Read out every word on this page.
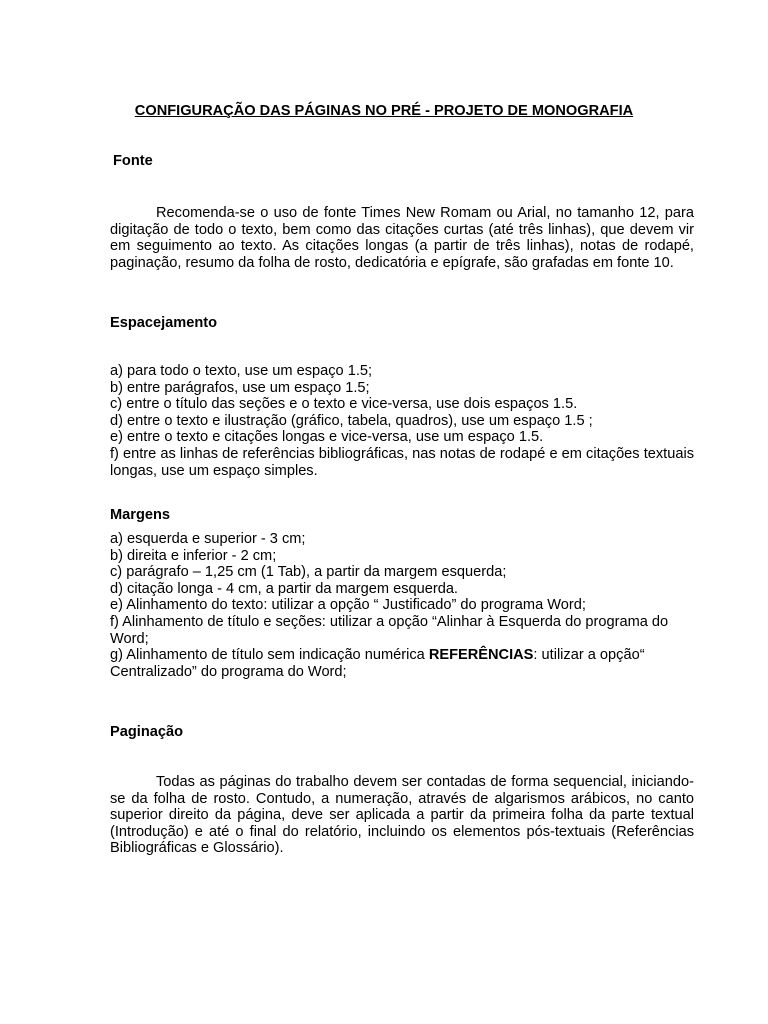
CONFIGURAÇÃO DAS PÁGINAS NO PRÉ - PROJETO DE MONOGRAFIA

Fonte

Recomenda-se o uso de fonte Times New Romam ou Arial, no tamanho 12, para digitação de todo o texto, bem como das citações curtas (até três linhas), que devem vir em seguimento ao texto. As citações longas (a partir de três linhas), notas de rodapé, paginação, resumo da folha de rosto, dedicatória e epígrafe, são grafadas em fonte 10.

Espacejamento

a) para todo o texto, use um espaço 1.5;
b) entre parágrafos, use um espaço 1.5;
c) entre o título das seções e o texto e vice-versa, use dois espaços 1.5.
d) entre o texto e ilustração (gráfico, tabela, quadros), use um espaço 1.5 ;
e) entre o texto e citações longas e vice-versa, use um espaço 1.5.
f) entre as linhas de referências bibliográficas, nas notas de rodapé e em citações textuais longas, use um espaço simples.

Margens

a) esquerda e superior - 3 cm;
b) direita e inferior - 2 cm;
c) parágrafo – 1,25 cm (1 Tab), a partir da margem esquerda;
d) citação longa - 4 cm, a partir da margem esquerda.
e) Alinhamento do texto: utilizar a opção “ Justificado” do programa Word;
f) Alinhamento de título e seções: utilizar a opção “Alinhar à Esquerda do programa do Word;
g) Alinhamento de título sem indicação numérica REFERÊNCIAS: utilizar a opção“ Centralizado” do programa do Word;

Paginação

Todas as páginas do trabalho devem ser contadas de forma sequencial, iniciando-se da folha de rosto. Contudo, a numeração, através de algarismos arábicos, no canto superior direito da página, deve ser aplicada a partir da primeira folha da parte textual (Introdução) e até o final do relatório, incluindo os elementos pós-textuais (Referências Bibliográficas e Glossário).
